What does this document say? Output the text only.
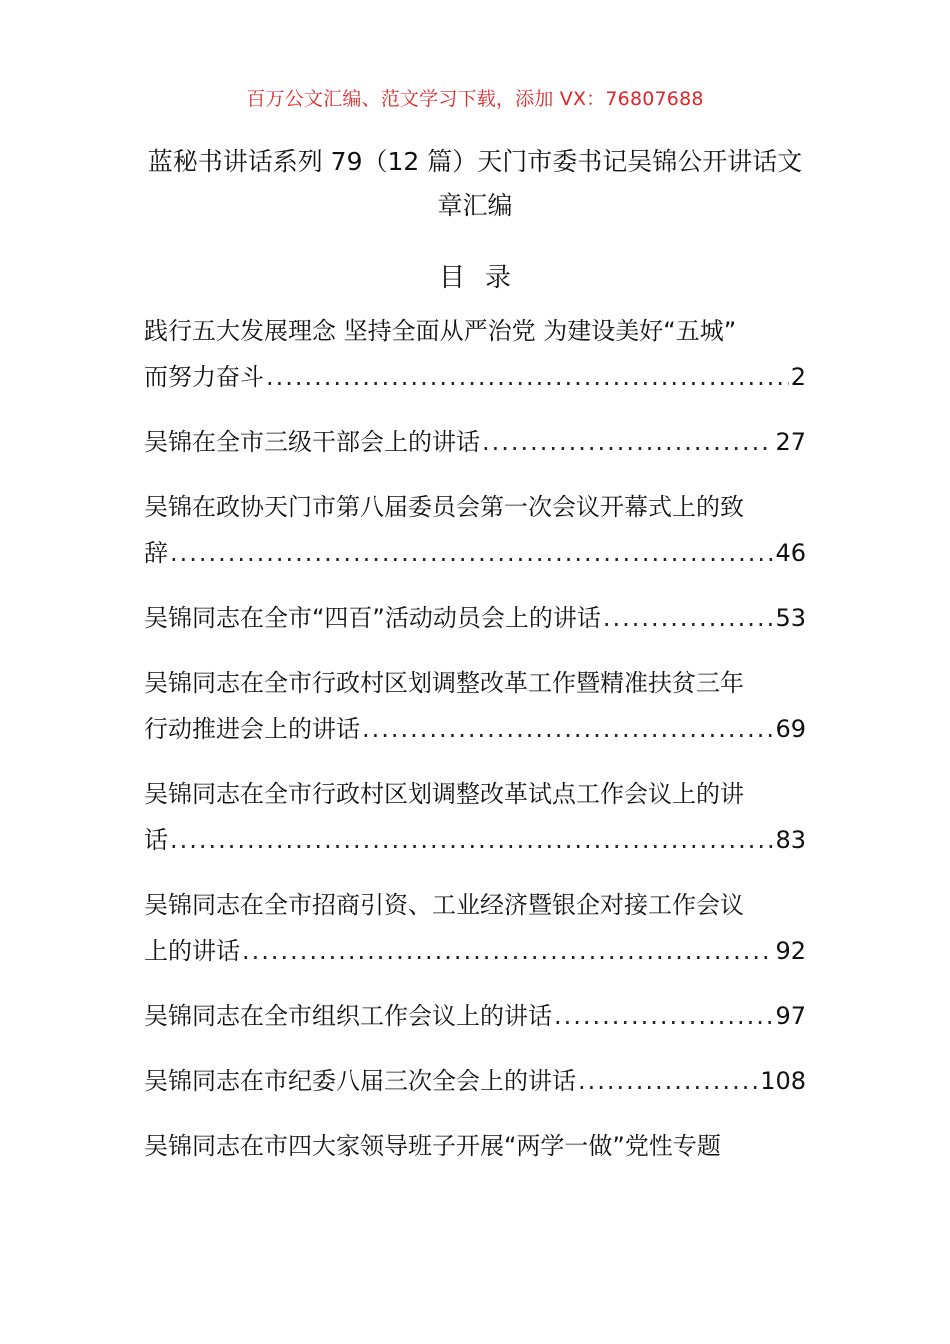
百万公文汇编、范文学习下载，添加 VX：76807688
蓝秘书讲话系列 79（12 篇）天门市委书记吴锦公开讲话文
章汇编
目录
践行五大发展理念 坚持全面从严治党 为建设美好“五城”
而努力奋斗 .....	2
吴锦在全市三级干部会上的讲话 .....	27
吴锦在政协天门市第八届委员会第一次会议开幕式上的致
辞 .....	46
吴锦同志在全市“四百”活动动员会上的讲话 .....	53
吴锦同志在全市行政村区划调整改革工作暨精准扶贫三年
行动推进会上的讲话 .....	69
吴锦同志在全市行政村区划调整改革试点工作会议上的讲
话 .....	83
吴锦同志在全市招商引资、工业经济暨银企对接工作会议
上的讲话 .....	92
吴锦同志在全市组织工作会议上的讲话 .....	97
吴锦同志在市纪委八届三次全会上的讲话 .....	108
吴锦同志在市四大家领导班子开展“两学一做”党性专题
